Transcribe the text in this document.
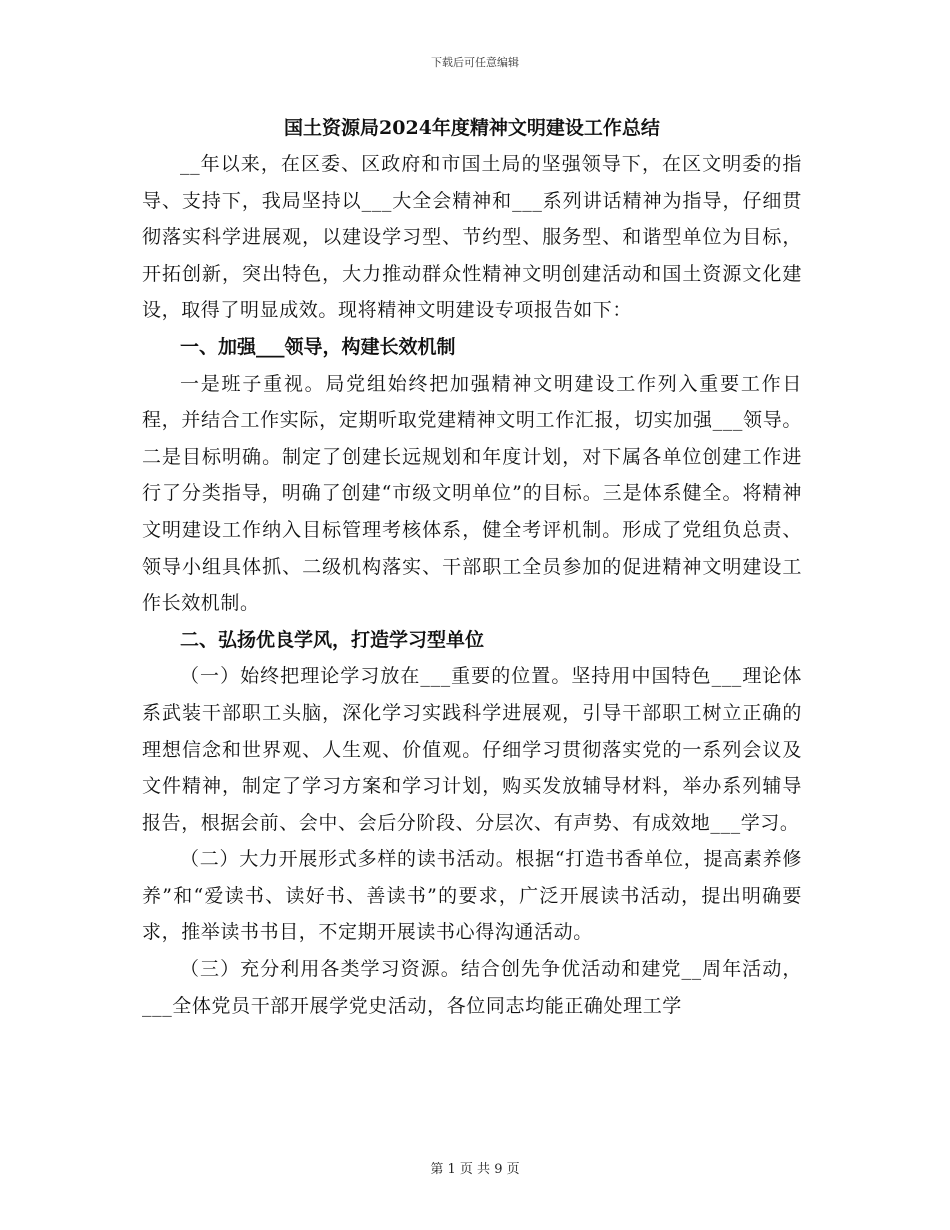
下载后可任意编辑

国土资源局2024年度精神文明建设工作总结

__年以来，在区委、区政府和市国土局的坚强领导下，在区文明委的指导、支持下，我局坚持以___大全会精神和___系列讲话精神为指导，仔细贯彻落实科学进展观，以建设学习型、节约型、服务型、和谐型单位为目标，开拓创新，突出特色，大力推动群众性精神文明创建活动和国土资源文化建设，取得了明显成效。现将精神文明建设专项报告如下：

一、加强___领导，构建长效机制

一是班子重视。局党组始终把加强精神文明建设工作列入重要工作日程，并结合工作实际，定期听取党建精神文明工作汇报，切实加强___领导。二是目标明确。制定了创建长远规划和年度计划，对下属各单位创建工作进行了分类指导，明确了创建“市级文明单位”的目标。三是体系健全。将精神文明建设工作纳入目标管理考核体系，健全考评机制。形成了党组负总责、领导小组具体抓、二级机构落实、干部职工全员参加的促进精神文明建设工作长效机制。

二、弘扬优良学风，打造学习型单位

（一）始终把理论学习放在___重要的位置。坚持用中国特色___理论体系武装干部职工头脑，深化学习实践科学进展观，引导干部职工树立正确的理想信念和世界观、人生观、价值观。仔细学习贯彻落实党的一系列会议及文件精神，制定了学习方案和学习计划，购买发放辅导材料，举办系列辅导报告，根据会前、会中、会后分阶段、分层次、有声势、有成效地___学习。

（二）大力开展形式多样的读书活动。根据“打造书香单位，提高素养修养”和“爱读书、读好书、善读书”的要求，广泛开展读书活动，提出明确要求，推举读书书目，不定期开展读书心得沟通活动。

（三）充分利用各类学习资源。结合创先争优活动和建党__周年活动，___全体党员干部开展学党史活动，各位同志均能正确处理工学

第 1 页 共 9 页
